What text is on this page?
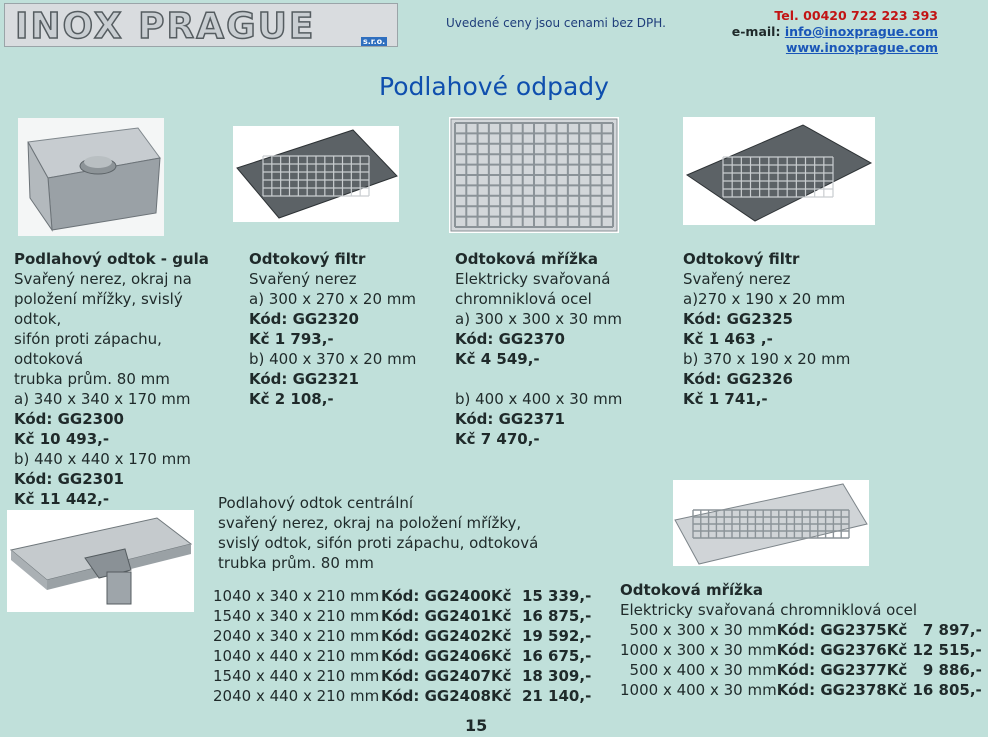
INOX PRAGUE	s.r.o.
Uvedené ceny jsou cenami bez DPH.	Tel. 00420 722 223 393
e-mail: info@inoxprague.com
www.inoxprague.com
Podlahové odpady
Podlahový odtok - gula
Svařený nerez, okraj na
položení mřížky, svislý odtok,
sifón proti zápachu, odtoková
trubka prům. 80 mm
a) 340 x 340 x 170 mm
Kód: GG2300
Kč 10 493,-
b) 440 x 440 x 170 mm
Kód: GG2301
Kč 11 442,-
Odtokový filtr
Svařený nerez
a) 300 x 270 x 20 mm
Kód: GG2320
Kč 1 793,-
b) 400 x 370 x 20 mm
Kód: GG2321
Kč 2 108,-
Odtoková mřížka
Elektricky svařovaná
chromniklová ocel
a) 300 x 300 x 30 mm
Kód: GG2370
Kč 4 549,-

b) 400 x 400 x 30 mm
Kód: GG2371
Kč 7 470,-
Odtokový filtr
Svařený nerez
a)270 x 190 x 20 mm
Kód: GG2325
Kč 1 463 ,-
b) 370 x 190 x 20 mm
Kód: GG2326
Kč 1 741,-
Podlahový odtok centrální
svařený nerez, okraj na položení mřížky,
svislý odtok, sifón proti zápachu, odtoková
trubka prům. 80 mm
1040 x 340 x 210 mm	Kód: GG2400	Kč  15 339,-
1540 x 340 x 210 mm	Kód: GG2401	Kč  16 875,-
2040 x 340 x 210 mm	Kód: GG2402	Kč  19 592,-
1040 x 440 x 210 mm	Kód: GG2406	Kč  16 675,-
1540 x 440 x 210 mm	Kód: GG2407	Kč  18 309,-
2040 x 440 x 210 mm	Kód: GG2408	Kč  21 140,-
Odtoková mřížka
Elektricky svařovaná chromniklová ocel
500 x 300 x 30 mm	Kód: GG2375	Kč   7 897,-
1000 x 300 x 30 mm	Kód: GG2376	Kč 12 515,-
500 x 400 x 30 mm	Kód: GG2377	Kč   9 886,-
1000 x 400 x 30 mm	Kód: GG2378	Kč 16 805,-
15
